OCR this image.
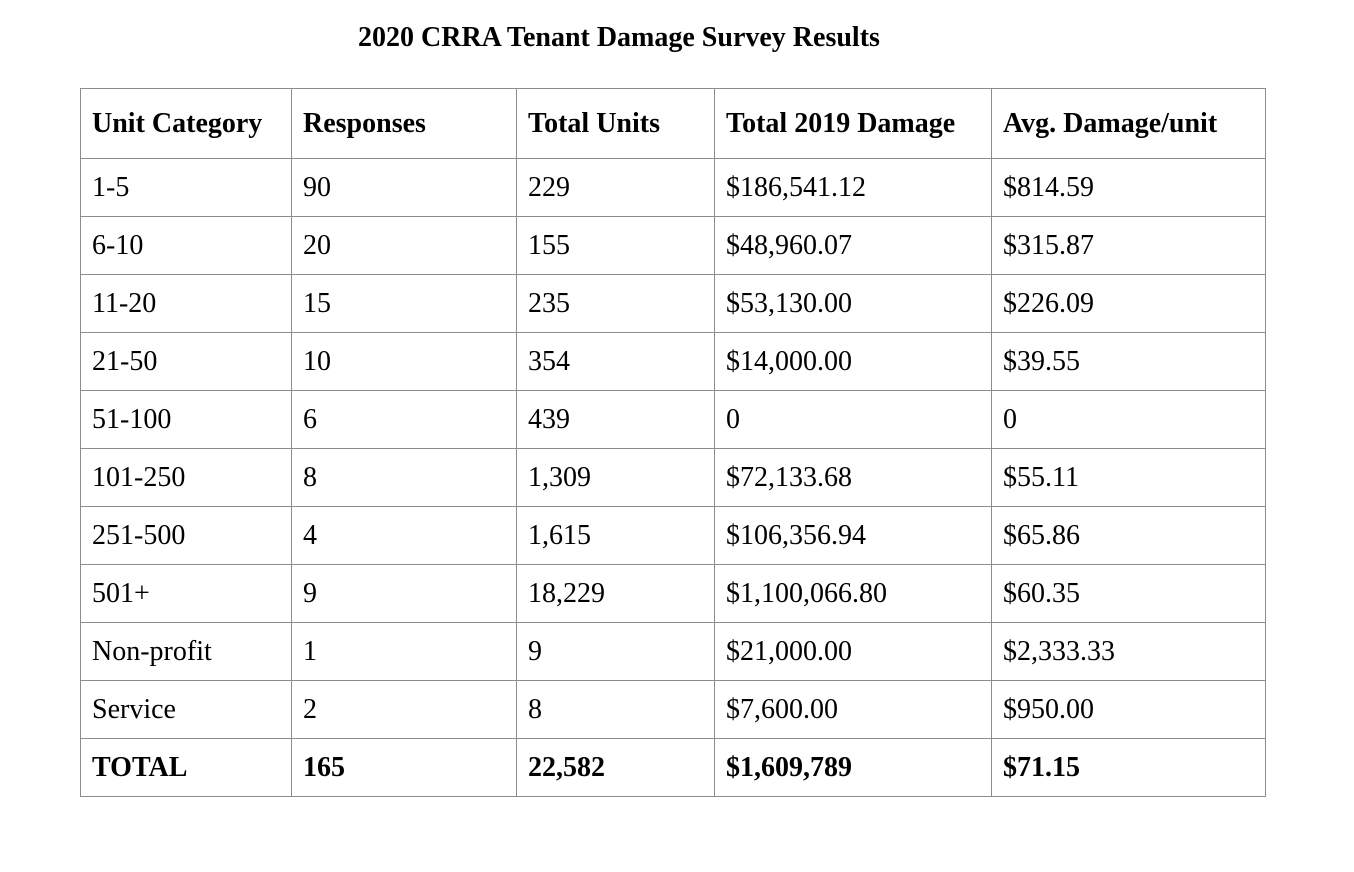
2020 CRRA Tenant Damage Survey Results
Unit Category	Responses	Total Units	Total 2019 Damage	Avg. Damage/unit
1-5	90	229	$186,541.12	$814.59
6-10	20	155	$48,960.07	$315.87
11-20	15	235	$53,130.00	$226.09
21-50	10	354	$14,000.00	$39.55
51-100	6	439	0	0
101-250	8	1,309	$72,133.68	$55.11
251-500	4	1,615	$106,356.94	$65.86
501+	9	18,229	$1,100,066.80	$60.35
Non-profit	1	9	$21,000.00	$2,333.33
Service	2	8	$7,600.00	$950.00
TOTAL	165	22,582	$1,609,789	$71.15
